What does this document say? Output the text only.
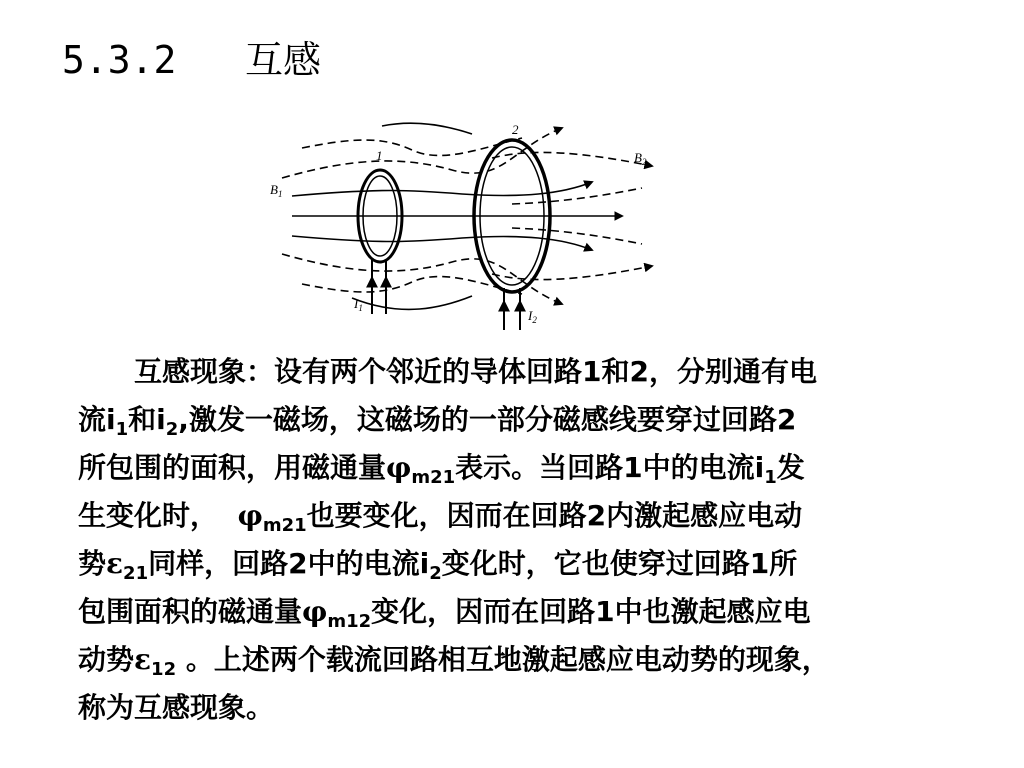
5.3.2 互感
1
2
$B_1$
$B_2$
$I_1$	$I_2$
　　互感现象：设有两个邻近的导体回路1和2，分别通有电
流$i_1$和$i_2$,激发一磁场，这磁场的一部分磁感线要穿过回路2
所包围的面积，用磁通量$\varphi_{m21}$表示。当回路1中的电流$i_1$发
生变化时，  $\varphi_{m21}$也要变化，因而在回路2内激起感应电动
势$\varepsilon_{21}$同样，回路2中的电流$i_2$变化时，它也使穿过回路1所
包围面积的磁通量$\varphi_{m12}$变化，因而在回路1中也激起感应电
动势$\varepsilon_{12}$ 。上述两个载流回路相互地激起感应电动势的现象，
称为互感现象。
